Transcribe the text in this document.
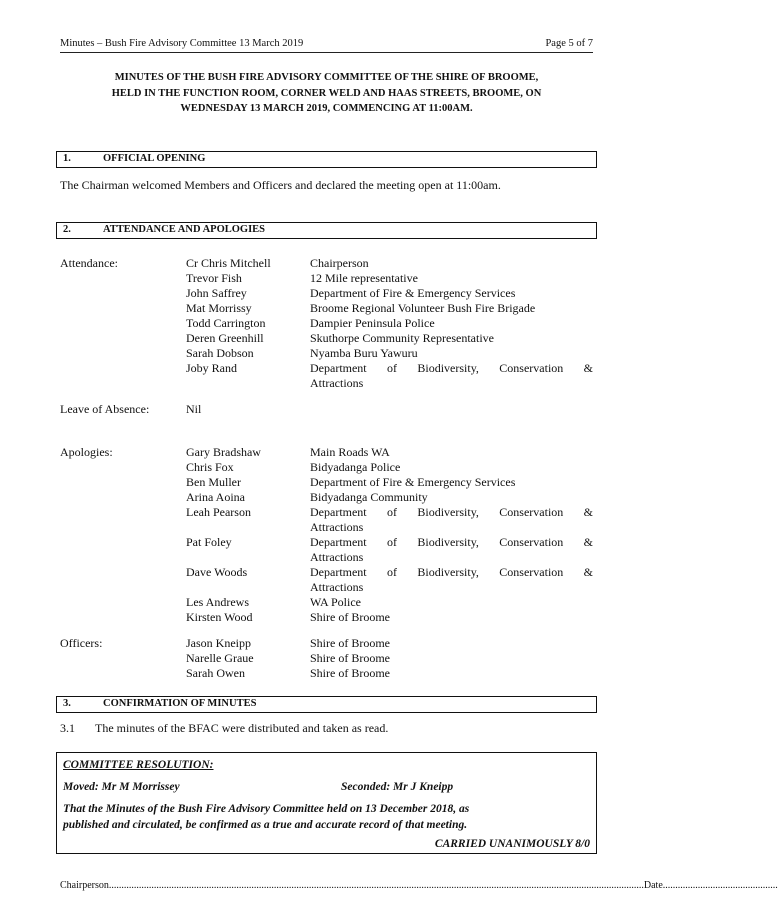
Minutes – Bush Fire Advisory Committee 13 March 2019	Page 5 of 7
MINUTES OF THE BUSH FIRE ADVISORY COMMITTEE OF THE SHIRE OF BROOME,
HELD IN THE FUNCTION ROOM, CORNER WELD AND HAAS STREETS, BROOME, ON
WEDNESDAY 13 MARCH 2019, COMMENCING AT 11:00AM.
1.	OFFICIAL OPENING
The Chairman welcomed Members and Officers and declared the meeting open at 11:00am.
2.	ATTENDANCE AND APOLOGIES
Attendance:	Cr Chris Mitchell	Chairperson
Trevor Fish	12 Mile representative
John Saffrey	Department of Fire & Emergency Services
Mat Morrissy	Broome Regional Volunteer Bush Fire Brigade
Todd Carrington	Dampier Peninsula Police
Deren Greenhill	Skuthorpe Community Representative
Sarah Dobson	Nyamba Buru Yawuru
Joby Rand	Department of Biodiversity, Conservation &
Attractions
Leave of Absence:	Nil
Apologies:	Gary Bradshaw	Main Roads WA
Chris Fox	Bidyadanga Police
Ben Muller	Department of Fire & Emergency Services
Arina Aoina	Bidyadanga Community
Leah Pearson	Department of Biodiversity, Conservation &
Attractions
Pat Foley	Department of Biodiversity, Conservation &
Attractions
Dave Woods	Department of Biodiversity, Conservation &
Attractions
Les Andrews	WA Police
Kirsten Wood	Shire of Broome
Officers:	Jason Kneipp	Shire of Broome
Narelle Graue	Shire of Broome
Sarah Owen	Shire of Broome
3.	CONFIRMATION OF MINUTES
3.1 The minutes of the BFAC were distributed and taken as read.
COMMITTEE RESOLUTION:
Moved: Mr M Morrissey	Seconded: Mr J Kneipp
That the Minutes of the Bush Fire Advisory Committee held on 13 December 2018, as
published and circulated, be confirmed as a true and accurate record of that meeting.
CARRIED UNANIMOUSLY 8/0
Chairperson ...................................................................................................................................................................................................................... Date ..............................................
